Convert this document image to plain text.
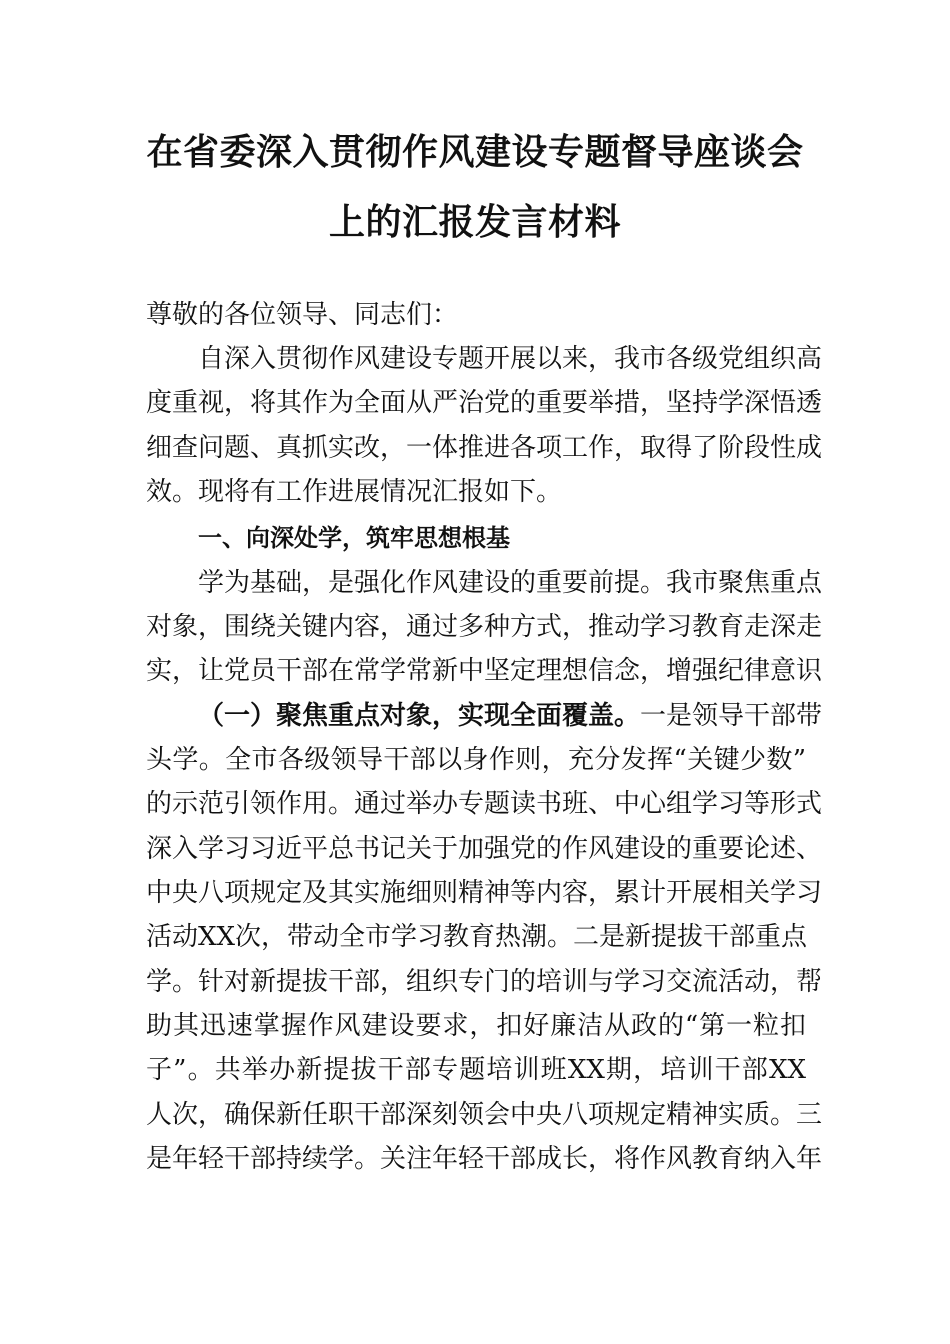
在省委深入贯彻作风建设专题督导座谈会
上的汇报发言材料
尊敬的各位领导、同志们：
自深入贯彻作风建设专题开展以来，我市各级党组织高
度重视，将其作为全面从严治党的重要举措，坚持学深悟透
细查问题、真抓实改，一体推进各项工作，取得了阶段性成
效。现将有工作进展情况汇报如下。
一、向深处学，筑牢思想根基
学为基础，是强化作风建设的重要前提。我市聚焦重点
对象，围绕关键内容，通过多种方式，推动学习教育走深走
实，让党员干部在常学常新中坚定理想信念，增强纪律意识
（一）聚焦重点对象，实现全面覆盖。一是领导干部带
头学。全市各级领导干部以身作则，充分发挥“关键少数”
的示范引领作用。通过举办专题读书班、中心组学习等形式
深入学习习近平总书记关于加强党的作风建设的重要论述、
中央八项规定及其实施细则精神等内容，累计开展相关学习
活动XX次，带动全市学习教育热潮。二是新提拔干部重点
学。针对新提拔干部，组织专门的培训与学习交流活动，帮
助其迅速掌握作风建设要求，扣好廉洁从政的“第一粒扣
子”。共举办新提拔干部专题培训班XX期，培训干部XX
人次，确保新任职干部深刻领会中央八项规定精神实质。三
是年轻干部持续学。关注年轻干部成长，将作风教育纳入年
